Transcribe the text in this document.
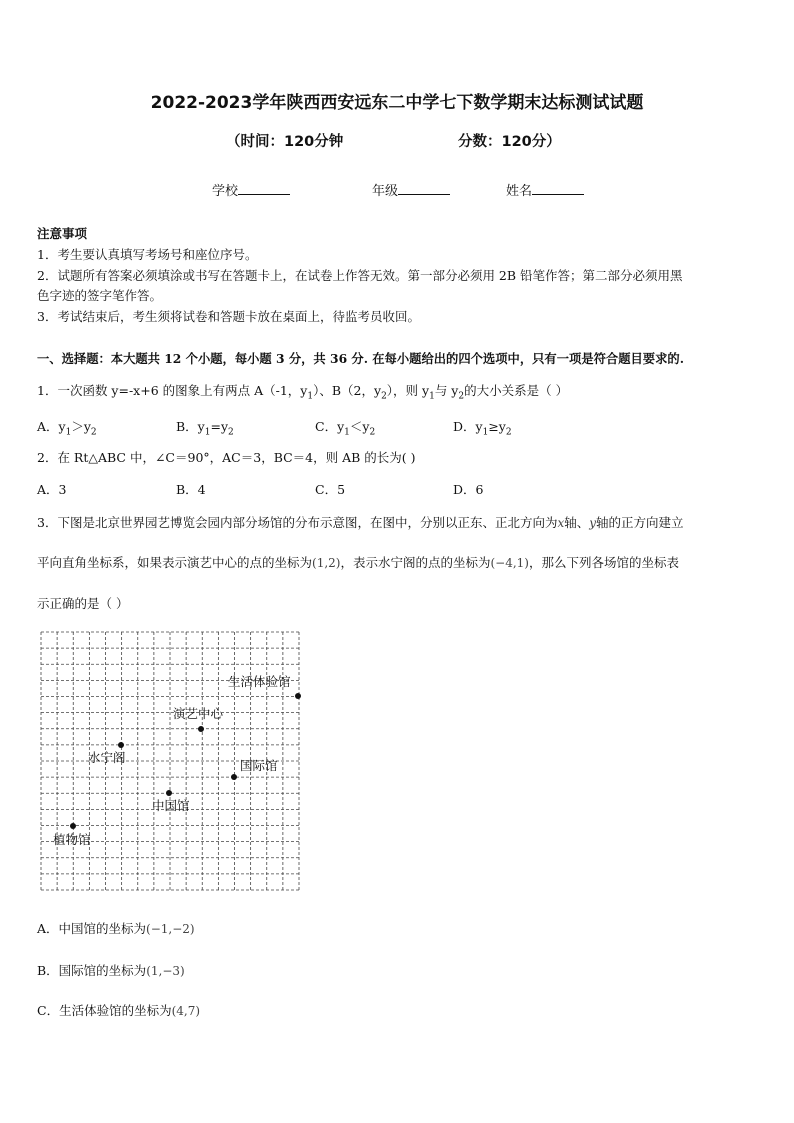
2022-2023学年陕西西安远东二中学七下数学期末达标测试试题
（时间：120分钟	分数：120分）
学校	年级	姓名
注意事项
1．考生要认真填写考场号和座位序号。
2．试题所有答案必须填涂或书写在答题卡上，在试卷上作答无效。第一部分必须用 2B 铅笔作答；第二部分必须用黑
色字迹的签字笔作答。
3．考试结束后，考生须将试卷和答题卡放在桌面上，待监考员收回。
一、选择题：本大题共 12 个小题，每小题 3 分，共 36 分. 在每小题给出的四个选项中，只有一项是符合题目要求的.
1．一次函数 y=-x+6 的图象上有两点 A（-1，$y_1$）、B（2，$y_2$），则 $y_1$与 $y_2$的大小关系是（ ）
A．$y_1>y_2$	B．$y_1=y_2$	C．$y_1<y_2$	D．$y_1\ge y_2$
2．在 Rt△ABC 中，∠C＝90°，AC＝3，BC＝4，则 AB 的长为( )
A．3	B．4	C．5	D．6
3．下图是北京世界园艺博览会园内部分场馆的分布示意图，在图中，分别以正东、正北方向为x轴、y轴的正方向建立
平向直角坐标系，如果表示演艺中心的点的坐标为(1,2)，表示水宁阁的点的坐标为(−4,1)，那么下列各场馆的坐标表
示正确的是（ ）
生活体验馆
演艺中心
水宁阁
国际馆
中国馆
植物馆
A．中国馆的坐标为(−1,−2)
B．国际馆的坐标为(1,−3)
C．生活体验馆的坐标为(4,7)
